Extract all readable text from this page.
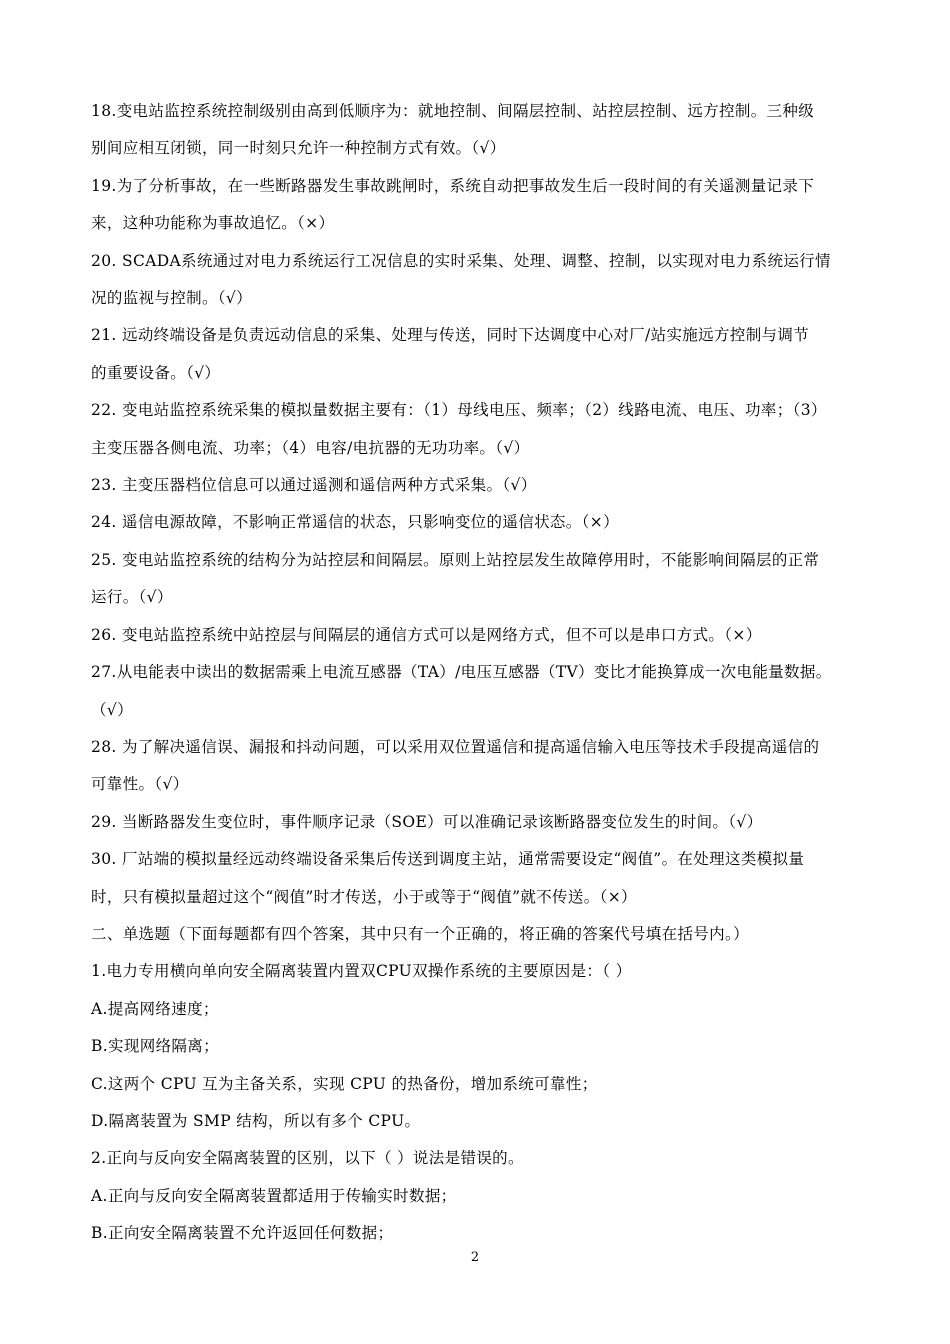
18.变电站监控系统控制级别由高到低顺序为：就地控制、间隔层控制、站控层控制、远方控制。三种级
别间应相互闭锁，同一时刻只允许一种控制方式有效。（√）
19.为了分析事故，在一些断路器发生事故跳闸时，系统自动把事故发生后一段时间的有关遥测量记录下
来，这种功能称为事故追忆。（×）
20. SCADA系统通过对电力系统运行工况信息的实时采集、处理、调整、控制，以实现对电力系统运行情
况的监视与控制。（√）
21. 远动终端设备是负责远动信息的采集、处理与传送，同时下达调度中心对厂/站实施远方控制与调节
的重要设备。（√）
22. 变电站监控系统采集的模拟量数据主要有：（1）母线电压、频率；（2）线路电流、电压、功率；（3）
主变压器各侧电流、功率；（4）电容/电抗器的无功功率。（√）
23. 主变压器档位信息可以通过遥测和遥信两种方式采集。（√）
24. 遥信电源故障，不影响正常遥信的状态，只影响变位的遥信状态。（×）
25. 变电站监控系统的结构分为站控层和间隔层。原则上站控层发生故障停用时，不能影响间隔层的正常
运行。（√）
26. 变电站监控系统中站控层与间隔层的通信方式可以是网络方式，但不可以是串口方式。（×）
27.从电能表中读出的数据需乘上电流互感器（TA）/电压互感器（TV）变比才能换算成一次电能量数据。
（√）
28. 为了解决遥信误、漏报和抖动问题，可以采用双位置遥信和提高遥信输入电压等技术手段提高遥信的
可靠性。（√）
29. 当断路器发生变位时，事件顺序记录（SOE）可以准确记录该断路器变位发生的时间。（√）
30. 厂站端的模拟量经远动终端设备采集后传送到调度主站，通常需要设定“阀值”。在处理这类模拟量
时，只有模拟量超过这个“阀值”时才传送，小于或等于“阀值”就不传送。（×）
二、单选题（下面每题都有四个答案，其中只有一个正确的，将正确的答案代号填在括号内。）
1.电力专用横向单向安全隔离装置内置双CPU双操作系统的主要原因是：（ ）
A.提高网络速度；
B.实现网络隔离；
C.这两个 CPU 互为主备关系，实现 CPU 的热备份，增加系统可靠性；
D.隔离装置为 SMP 结构，所以有多个 CPU。
2.正向与反向安全隔离装置的区别，以下（ ）说法是错误的。
A.正向与反向安全隔离装置都适用于传输实时数据；
B.正向安全隔离装置不允许返回任何数据；
2
